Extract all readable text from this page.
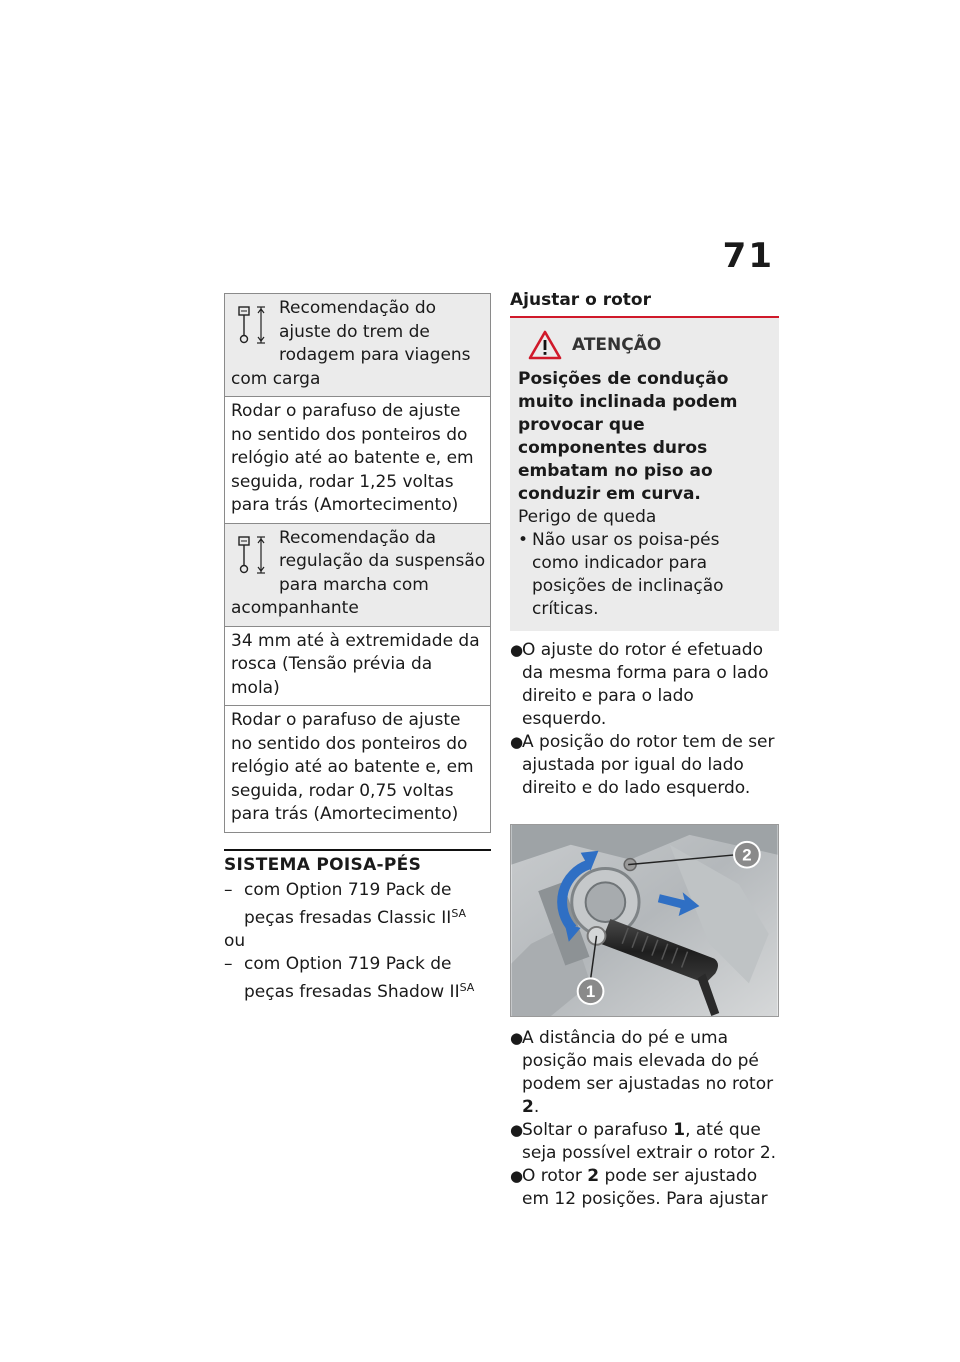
71
Recomendação do ajuste do trem de rodagem para viagens com carga
Rodar o parafuso de ajuste no sentido dos ponteiros do relógio até ao batente e, em seguida, rodar 1,25 voltas para trás (Amortecimento)
Recomendação da regulação da suspensão para marcha com acompanhante
34 mm até à extremidade da rosca (Tensão prévia da mola)
Rodar o parafuso de ajuste no sentido dos ponteiros do relógio até ao batente e, em seguida, rodar 0,75 voltas para trás (Amortecimento)
SISTEMA POISA-PÉS
– com Option 719 Pack de peças fresadas Classic $II^{SA}$
ou
– com Option 719 Pack de peças fresadas Shadow $II^{SA}$
Ajustar o rotor
ATENÇÃO
Posições de condução muito inclinada podem provocar que componentes duros embatam no piso ao conduzir em curva.
Perigo de queda
• Não usar os poisa-pés como indicador para posições de inclinação críticas.
●
O ajuste do rotor é efetuado da mesma forma para o lado direito e para o lado esquerdo.
●
A posição do rotor tem de ser ajustada por igual do lado direito e do lado esquerdo.
2
1
●
A distância do pé e uma posição mais elevada do pé podem ser ajustadas no rotor 2.
●
Soltar o parafuso 1, até que seja possível extrair o rotor 2.
●
O rotor 2 pode ser ajustado em 12 posições. Para ajustar
